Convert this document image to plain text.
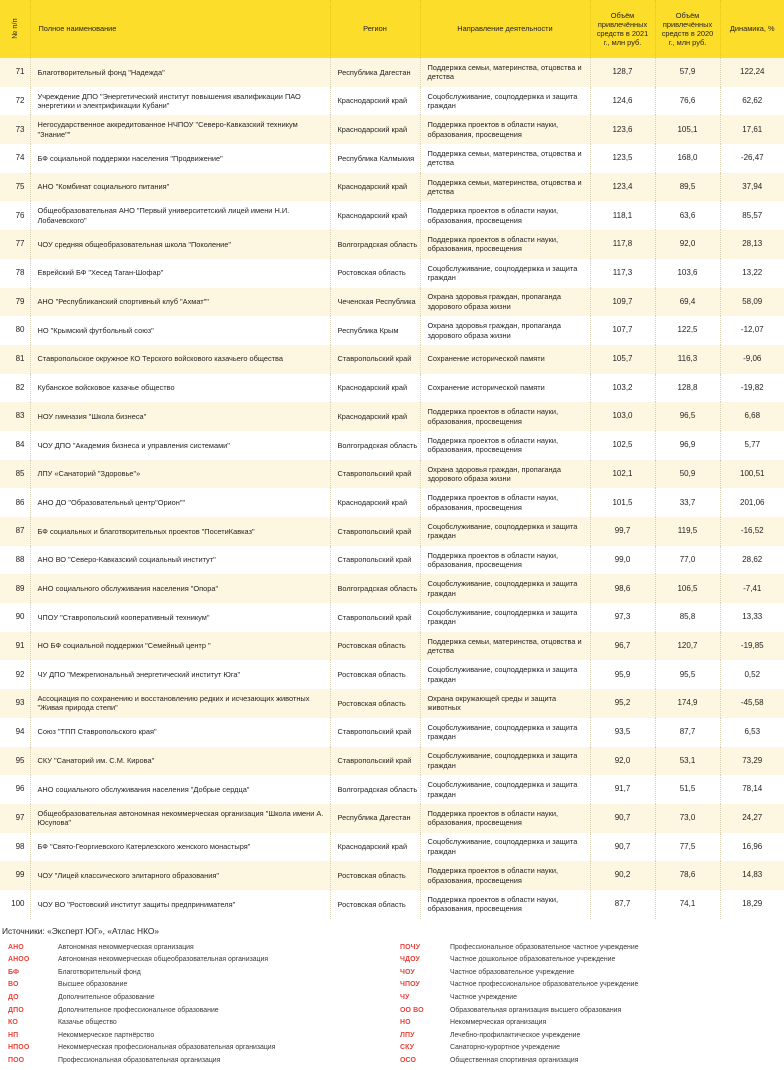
№ п/п	Полное наименование	Регион	Направление деятельности	Объём привлечённых средств в 2021 г., млн руб.	Объём привлечённых средств в 2020 г., млн руб.	Динамика, %
71	Благотворительный фонд "Надежда"	Республика Дагестан	Поддержка семьи, материнства, отцовства и детства	128,7	57,9	122,24
72	Учреждение ДПО "Энергетический институт повышения квалификации ПАО энергетики и электрификации Кубани"	Краснодарский край	Соцобслуживание, соцподдержка и защита граждан	124,6	76,6	62,62
73	Негосударственное аккредитованное НЧПОУ "Северо-Кавказский техникум "Знание""	Краснодарский край	Поддержка проектов в области науки, образования, просвещения	123,6	105,1	17,61
74	БФ социальной поддержки населения "Продвижение"	Республика Калмыкия	Поддержка семьи, материнства, отцовства и детства	123,5	168,0	-26,47
75	АНО "Комбинат социального питания"	Краснодарский край	Поддержка семьи, материнства, отцовства и детства	123,4	89,5	37,94
76	Общеобразовательная АНО "Первый университетский лицей имени Н.И. Лобачевского"	Краснодарский край	Поддержка проектов в области науки, образования, просвещения	118,1	63,6	85,57
77	ЧОУ средняя общеобразовательная школа "Поколение"	Волгоградская область	Поддержка проектов в области науки, образования, просвещения	117,8	92,0	28,13
78	Еврейский БФ "Хесед Таган-Шофар"	Ростовская область	Соцобслуживание, соцподдержка и защита граждан	117,3	103,6	13,22
79	АНО "Республиканский спортивный клуб "Ахмат""	Чеченская Республика	Охрана здоровья граждан, пропаганда здорового образа жизни	109,7	69,4	58,09
80	НО "Крымский футбольный союз"	Республика Крым	Охрана здоровья граждан, пропаганда здорового образа жизни	107,7	122,5	-12,07
81	Ставропольское окружное КО Терского войскового казачьего общества	Ставропольский край	Сохранение исторической памяти	105,7	116,3	-9,06
82	Кубанское войсковое казачье общество	Краснодарский край	Сохранение исторической памяти	103,2	128,8	-19,82
83	НОУ гимназия "Школа бизнеса"	Краснодарский край	Поддержка проектов в области науки, образования, просвещения	103,0	96,5	6,68
84	ЧОУ ДПО "Академия бизнеса и управления системами"	Волгоградская область	Поддержка проектов в области науки, образования, просвещения	102,5	96,9	5,77
85	ЛПУ «Санаторий "Здоровье"»	Ставропольский край	Охрана здоровья граждан, пропаганда здорового образа жизни	102,1	50,9	100,51
86	АНО ДО "Образовательный центр"Орион""	Краснодарский край	Поддержка проектов в области науки, образования, просвещения	101,5	33,7	201,06
87	БФ социальных и благотворительных проектов "ПосетиКавказ"	Ставропольский край	Соцобслуживание, соцподдержка и защита граждан	99,7	119,5	-16,52
88	АНО ВО "Северо-Кавказский социальный институт"	Ставропольский край	Поддержка проектов в области науки, образования, просвещения	99,0	77,0	28,62
89	АНО социального обслуживания населения "Опора"	Волгоградская область	Соцобслуживание, соцподдержка и защита граждан	98,6	106,5	-7,41
90	ЧПОУ "Ставропольский кооперативный техникум"	Ставропольский край	Соцобслуживание, соцподдержка и защита граждан	97,3	85,8	13,33
91	НО БФ социальной поддержки "Семейный центр "	Ростовская область	Поддержка семьи, материнства, отцовства и детства	96,7	120,7	-19,85
92	ЧУ ДПО "Межрегиональный энергетический институт Юга"	Ростовская область	Соцобслуживание, соцподдержка и защита граждан	95,9	95,5	0,52
93	Ассоциация по сохранению и восстановлению редких и исчезающих животных "Живая природа степи"	Ростовская область	Охрана окружающей среды и защита животных	95,2	174,9	-45,58
94	Союз "ТПП Ставропольского края"	Ставропольский край	Соцобслуживание, соцподдержка и защита граждан	93,5	87,7	6,53
95	СКУ "Санаторий им. С.М. Кирова"	Ставропольский край	Соцобслуживание, соцподдержка и защита граждан	92,0	53,1	73,29
96	АНО социального обслуживания населения "Добрые сердца"	Волгоградская область	Соцобслуживание, соцподдержка и защита граждан	91,7	51,5	78,14
97	Общеобразовательная автономная некоммерческая организация "Школа имени А. Юсупова"	Республика Дагестан	Поддержка проектов в области науки, образования, просвещения	90,7	73,0	24,27
98	БФ "Свято-Георгиевского Катерлезского женского монастыря"	Краснодарский край	Соцобслуживание, соцподдержка и защита граждан	90,7	77,5	16,96
99	ЧОУ "Лицей классического элитарного образования"	Ростовская область	Поддержка проектов в области науки, образования, просвещения	90,2	78,6	14,83
100	ЧОУ ВО "Ростовский институт защиты предпринимателя"	Ростовская область	Поддержка проектов в области науки, образования, просвещения	87,7	74,1	18,29
Источники: «Эксперт ЮГ», «Атлас НКО»
АНО	Автономная некоммерческая организация
АНОО	Автономная некоммерческая общеобразовательная организация
БФ	Благотворительный фонд
ВО	Высшее образование
ДО	Дополнительное образование
ДПО	Дополнительное профессиональное образование
КО	Казачье общество
НП	Некоммерческое партнёрство
НПОО	Некоммерческая профессиональная образовательная организация
ПОО	Профессиональная образовательная организация
ПОЧУ	Профессиональное образовательное частное учреждение
ЧДОУ	Частное дошкольное образовательное учреждение
ЧОУ	Частное образовательное учреждение
ЧПОУ	Частное профессиональное образовательное учреждение
ЧУ	Частное учреждение
ОО ВО	Образовательная организация высшего образования
НО	Некоммерческая организация
ЛПУ	Лечебно-профилактическое учреждение
СКУ	Санаторно-курортное учреждение
ОСО	Общественная спортивная организация
